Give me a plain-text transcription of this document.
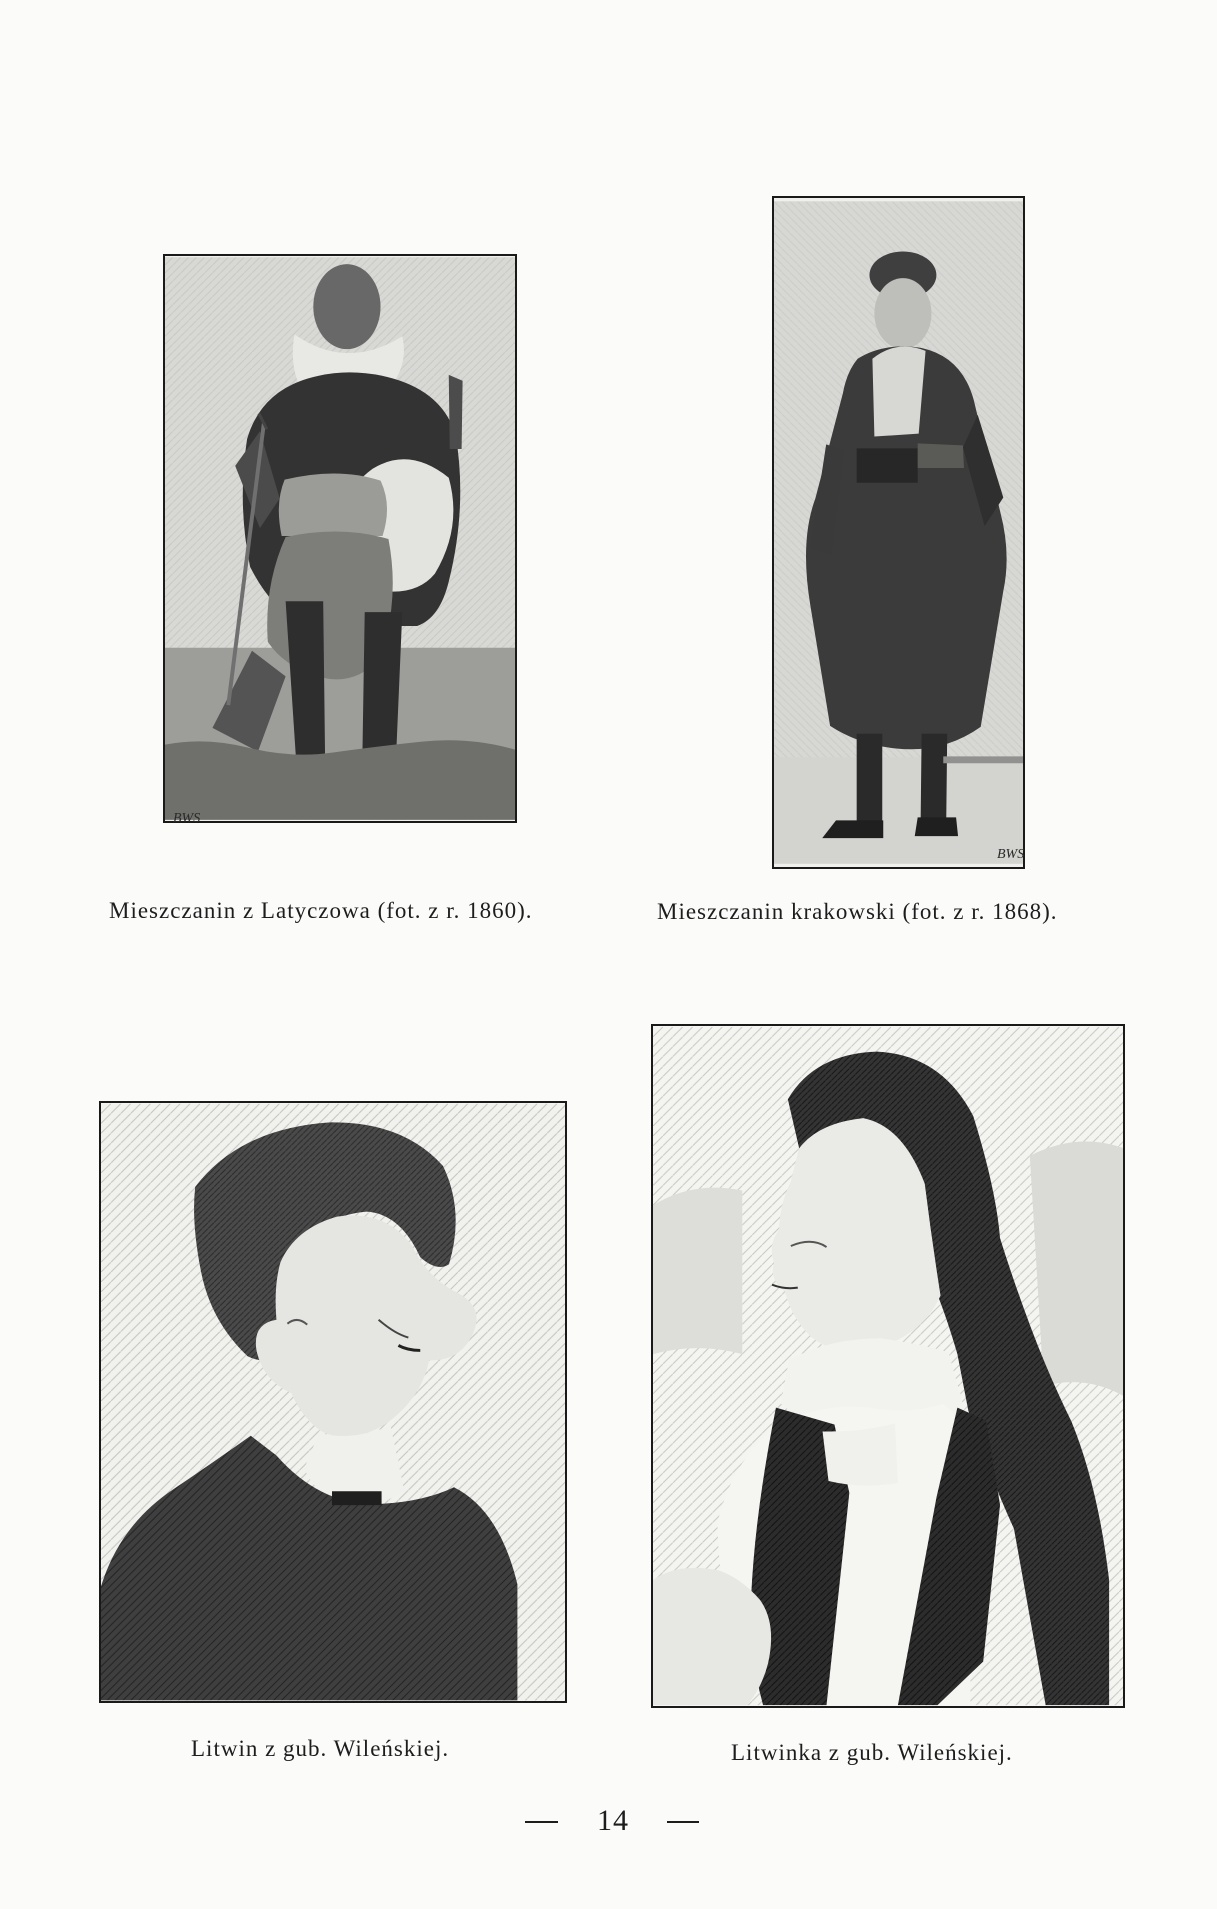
BWS
BWS
Mieszczanin z Latyczowa (fot. z r. 1860).	Mieszczanin krakowski (fot. z r. 1868).
Litwin z gub. Wileńskiej.	Litwinka z gub. Wileńskiej.
14
